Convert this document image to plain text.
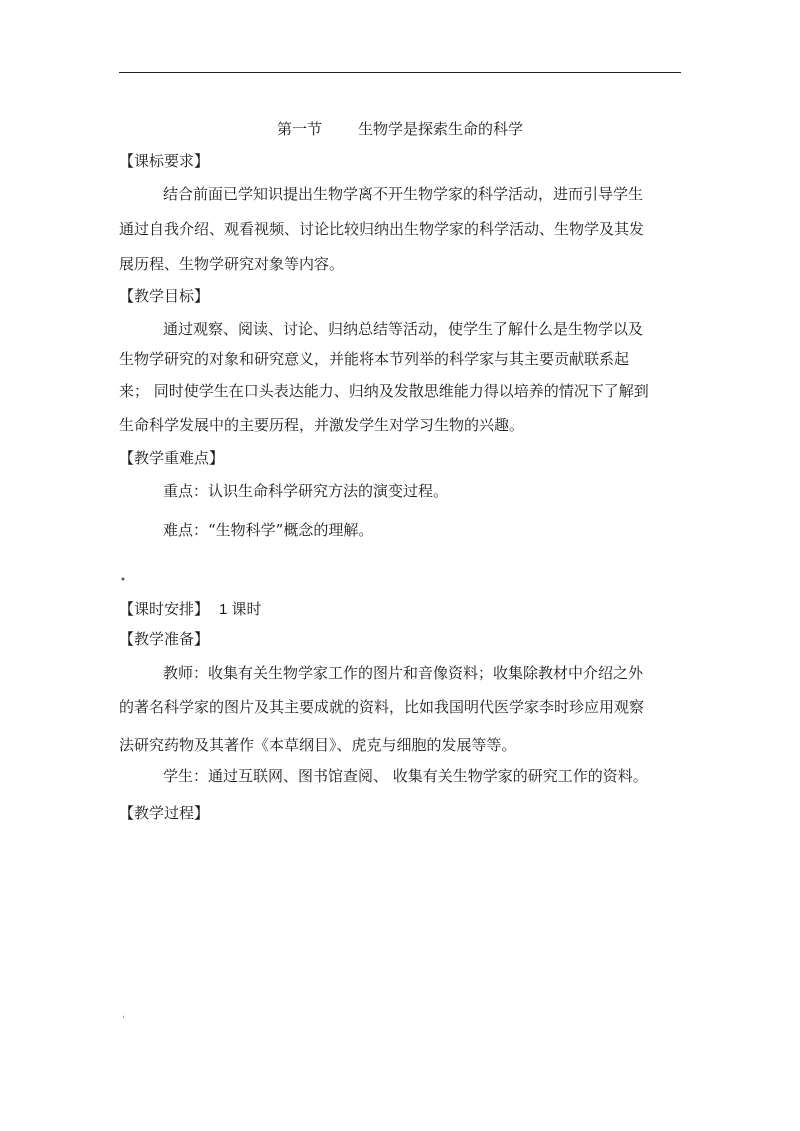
第一节 生物学是探索生命的科学
【课标要求】
结合前面已学知识提出生物学离不开生物学家的科学活动，进而引导学生
通过自我介绍、观看视频、讨论比较归纳出生物学家的科学活动、生物学及其发
展历程、生物学研究对象等内容。
【教学目标】
通过观察、阅读、讨论、归纳总结等活动，使学生了解什么是生物学以及
生物学研究的对象和研究意义，并能将本节列举的科学家与其主要贡献联系起
来； 同时使学生在口头表达能力、归纳及发散思维能力得以培养的情况下了解到
生命科学发展中的主要历程，并激发学生对学习生物的兴趣。
【教学重难点】
重点：认识生命科学研究方法的演变过程。
难点：“生物科学”概念的理解。
•
【课时安排】 1 课时
【教学准备】
教师：收集有关生物学家工作的图片和音像资料；收集除教材中介绍之外
的著名科学家的图片及其主要成就的资料，比如我国明代医学家李时珍应用观察
法研究药物及其著作《本草纲目》、虎克与细胞的发展等等。
学生：通过互联网、图书馆查阅、 收集有关生物学家的研究工作的资料。
【教学过程】
‘
